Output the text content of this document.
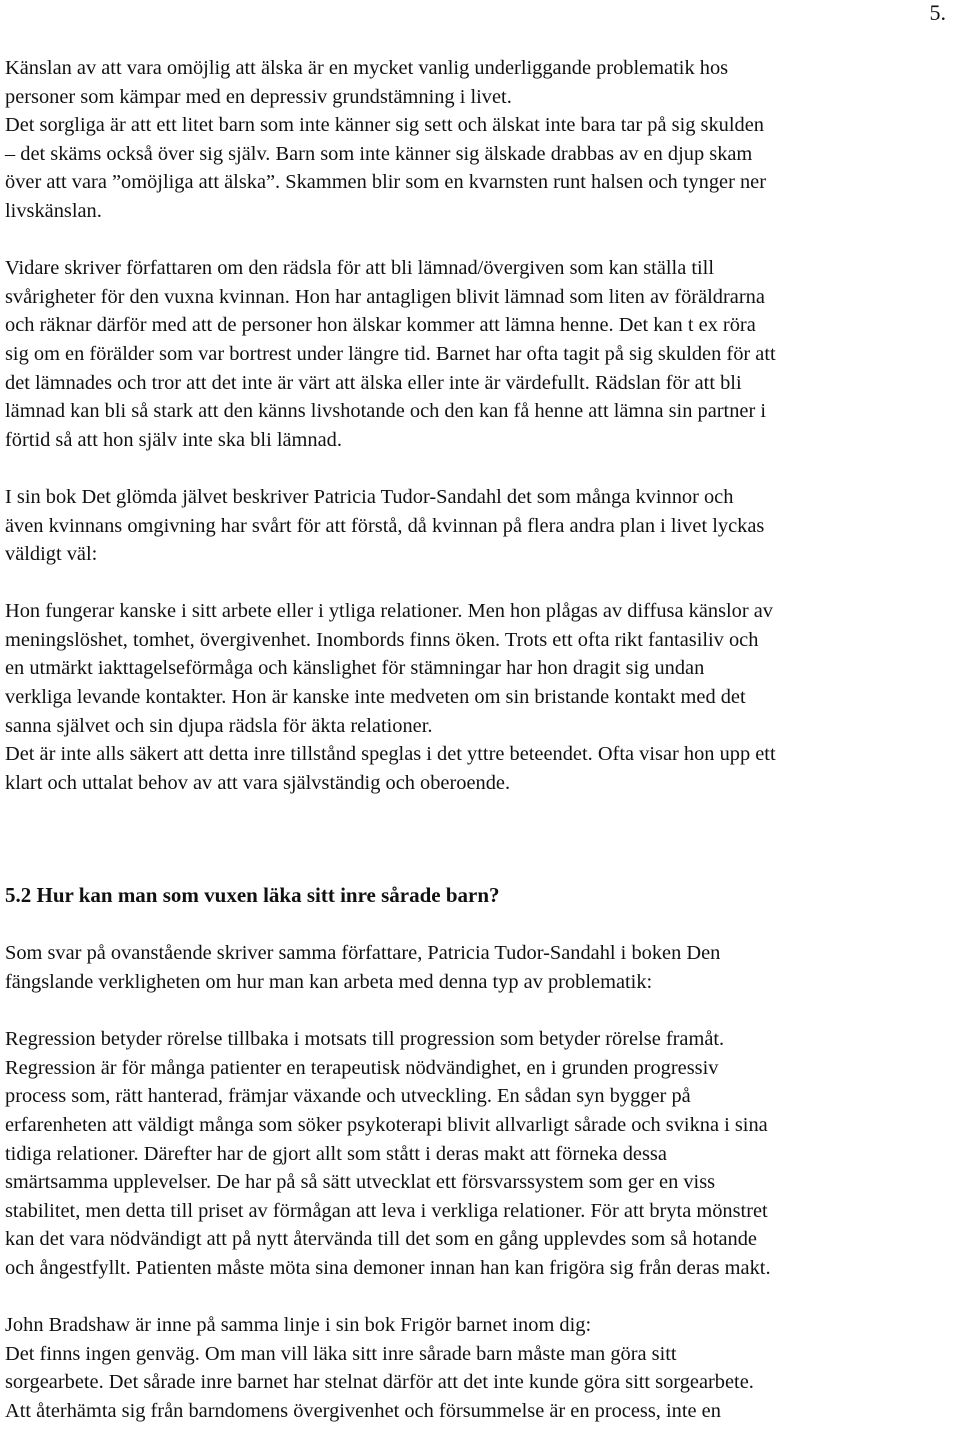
5.

Känslan av att vara omöjlig att älska är en mycket vanlig underliggande problematik hos

personer som kämpar med en depressiv grundstämning i livet.

Det sorgliga är att ett litet barn som inte känner sig sett och älskat inte bara tar på sig skulden

– det skäms också över sig själv. Barn som inte känner sig älskade drabbas av en djup skam

över att vara ”omöjliga att älska”. Skammen blir som en kvarnsten runt halsen och tynger ner

livskänslan.

Vidare skriver författaren om den rädsla för att bli lämnad/övergiven som kan ställa till

svårigheter för den vuxna kvinnan. Hon har antagligen blivit lämnad som liten av föräldrarna

och räknar därför med att de personer hon älskar kommer att lämna henne. Det kan t ex röra

sig om en förälder som var bortrest under längre tid. Barnet har ofta tagit på sig skulden för att

det lämnades och tror att det inte är värt att älska eller inte är värdefullt. Rädslan för att bli

lämnad kan bli så stark att den känns livshotande och den kan få henne att lämna sin partner i

förtid så att hon själv inte ska bli lämnad.

I sin bok Det glömda jälvet beskriver Patricia Tudor-Sandahl det som många kvinnor och

även kvinnans omgivning har svårt för att förstå, då kvinnan på flera andra plan i livet lyckas

väldigt väl:

Hon fungerar kanske i sitt arbete eller i ytliga relationer. Men hon plågas av diffusa känslor av

meningslöshet, tomhet, övergivenhet. Inombords finns öken. Trots ett ofta rikt fantasiliv och

en utmärkt iakttagelseförmåga och känslighet för stämningar har hon dragit sig undan

verkliga levande kontakter. Hon är kanske inte medveten om sin bristande kontakt med det

sanna självet och sin djupa rädsla för äkta relationer.

Det är inte alls säkert att detta inre tillstånd speglas i det yttre beteendet. Ofta visar hon upp ett

klart och uttalat behov av att vara självständig och oberoende.

5.2 Hur kan man som vuxen läka sitt inre sårade barn?

Som svar på ovanstående skriver samma författare, Patricia Tudor-Sandahl i boken Den

fängslande verkligheten om hur man kan arbeta med denna typ av problematik:

Regression betyder rörelse tillbaka i motsats till progression som betyder rörelse framåt.

Regression är för många patienter en terapeutisk nödvändighet, en i grunden progressiv

process som, rätt hanterad, främjar växande och utveckling. En sådan syn bygger på

erfarenheten att väldigt många som söker psykoterapi blivit allvarligt sårade och svikna i sina

tidiga relationer. Därefter har de gjort allt som stått i deras makt att förneka dessa

smärtsamma upplevelser. De har på så sätt utvecklat ett försvarssystem som ger en viss

stabilitet, men detta till priset av förmågan att leva i verkliga relationer. För att bryta mönstret

kan det vara nödvändigt att på nytt återvända till det som en gång upplevdes som så hotande

och ångestfyllt. Patienten måste möta sina demoner innan han kan frigöra sig från deras makt.

John Bradshaw är inne på samma linje i sin bok Frigör barnet inom dig:

Det finns ingen genväg. Om man vill läka sitt inre sårade barn måste man göra sitt

sorgearbete. Det sårade inre barnet har stelnat därför att det inte kunde göra sitt sorgearbete.

Att återhämta sig från barndomens övergivenhet och försummelse är en process, inte en
